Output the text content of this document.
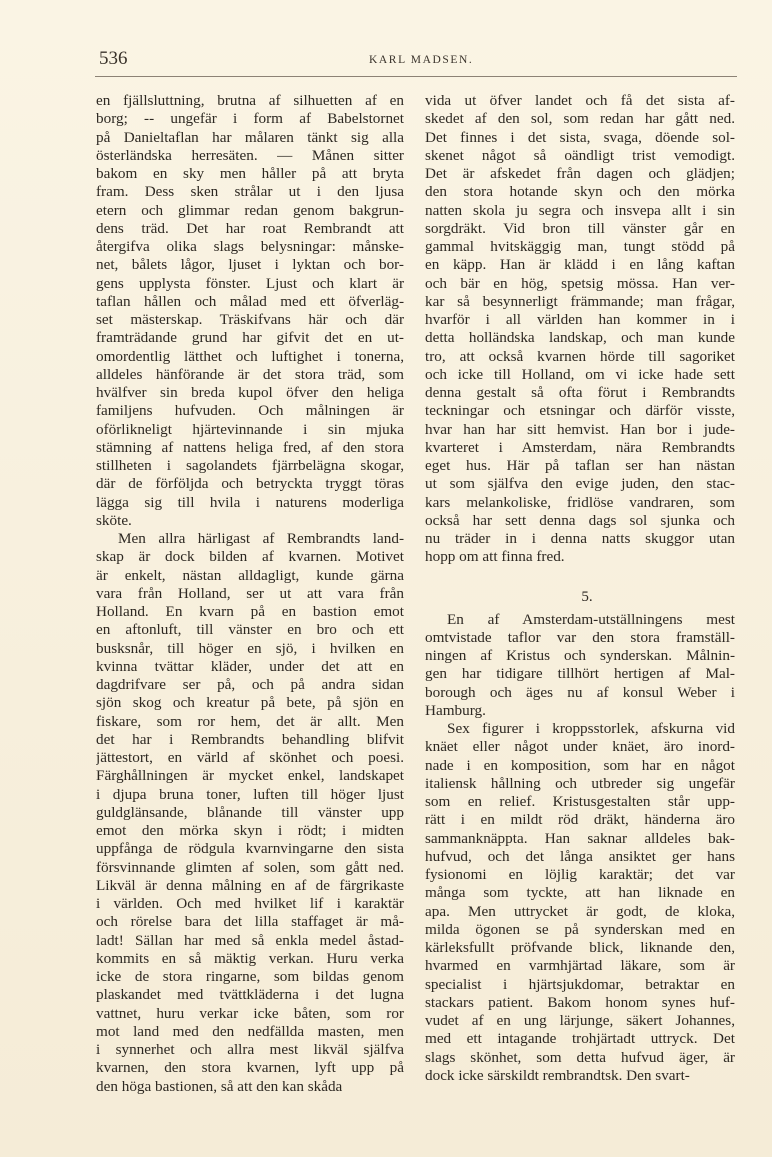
536	KARL MADSEN.
en fjällsluttning, brutna af silhuetten af en
borg; -- ungefär i form af Babelstornet
på Danieltaflan har målaren tänkt sig alla
österländska herresäten. — Månen sitter
bakom en sky men håller på att bryta
fram. Dess sken strålar ut i den ljusa
etern och glimmar redan genom bakgrun-
dens träd. Det har roat Rembrandt att
återgifva olika slags belysningar: månske-
net, bålets lågor, ljuset i lyktan och bor-
gens upplysta fönster. Ljust och klart är
taflan hållen och målad med ett öfverläg-
set mästerskap. Träskifvans här och där
framträdande grund har gifvit det en ut-
omordentlig lätthet och luftighet i tonerna,
alldeles hänförande är det stora träd, som
hvälfver sin breda kupol öfver den heliga
familjens hufvuden. Och målningen är
oförlikneligt hjärtevinnande i sin mjuka
stämning af nattens heliga fred, af den stora
stillheten i sagolandets fjärrbelägna skogar,
där de förföljda och betryckta tryggt töras
lägga sig till hvila i naturens moderliga
sköte.
Men allra härligast af Rembrandts land-
skap är dock bilden af kvarnen. Motivet
är enkelt, nästan alldagligt, kunde gärna
vara från Holland, ser ut att vara från
Holland. En kvarn på en bastion emot
en aftonluft, till vänster en bro och ett
busksnår, till höger en sjö, i hvilken en
kvinna tvättar kläder, under det att en
dagdrifvare ser på, och på andra sidan
sjön skog och kreatur på bete, på sjön en
fiskare, som ror hem, det är allt. Men
det har i Rembrandts behandling blifvit
jättestort, en värld af skönhet och poesi.
Färghållningen är mycket enkel, landskapet
i djupa bruna toner, luften till höger ljust
guldglänsande, blånande till vänster upp
emot den mörka skyn i rödt; i midten
uppfånga de rödgula kvarnvingarne den sista
försvinnande glimten af solen, som gått ned.
Likväl är denna målning en af de färgrikaste
i världen. Och med hvilket lif i karaktär
och rörelse bara det lilla staffaget är må-
ladt! Sällan har med så enkla medel åstad-
kommits en så mäktig verkan. Huru verka
icke de stora ringarne, som bildas genom
plaskandet med tvättkläderna i det lugna
vattnet, huru verkar icke båten, som ror
mot land med den nedfällda masten, men
i synnerhet och allra mest likväl själfva
kvarnen, den stora kvarnen, lyft upp på
den höga bastionen, så att den kan skåda
vida ut öfver landet och få det sista af-
skedet af den sol, som redan har gått ned.
Det finnes i det sista, svaga, döende sol-
skenet något så oändligt trist vemodigt.
Det är afskedet från dagen och glädjen;
den stora hotande skyn och den mörka
natten skola ju segra och insvepa allt i sin
sorgdräkt. Vid bron till vänster går en
gammal hvitskäggig man, tungt stödd på
en käpp. Han är klädd i en lång kaftan
och bär en hög, spetsig mössa. Han ver-
kar så besynnerligt främmande; man frågar,
hvarför i all världen han kommer in i
detta holländska landskap, och man kunde
tro, att också kvarnen hörde till sagoriket
och icke till Holland, om vi icke hade sett
denna gestalt så ofta förut i Rembrandts
teckningar och etsningar och därför visste,
hvar han har sitt hemvist. Han bor i jude-
kvarteret i Amsterdam, nära Rembrandts
eget hus. Här på taflan ser han nästan
ut som själfva den evige juden, den stac-
kars melankoliske, fridlöse vandraren, som
också har sett denna dags sol sjunka och
nu träder in i denna natts skuggor utan
hopp om att finna fred.
5.
En af Amsterdam-utställningens mest
omtvistade taflor var den stora framställ-
ningen af Kristus och synderskan. Målnin-
gen har tidigare tillhört hertigen af Mal-
borough och äges nu af konsul Weber i
Hamburg.
Sex figurer i kroppsstorlek, afskurna vid
knäet eller något under knäet, äro inord-
nade i en komposition, som har en något
italiensk hållning och utbreder sig ungefär
som en relief. Kristusgestalten står upp-
rätt i en mildt röd dräkt, händerna äro
sammanknäppta. Han saknar alldeles bak-
hufvud, och det långa ansiktet ger hans
fysionomi en löjlig karaktär; det var
många som tyckte, att han liknade en
apa. Men uttrycket är godt, de kloka,
milda ögonen se på synderskan med en
kärleksfullt pröfvande blick, liknande den,
hvarmed en varmhjärtad läkare, som är
specialist i hjärtsjukdomar, betraktar en
stackars patient. Bakom honom synes huf-
vudet af en ung lärjunge, säkert Johannes,
med ett intagande trohjärtadt uttryck. Det
slags skönhet, som detta hufvud äger, är
dock icke särskildt rembrandtsk. Den svart-
